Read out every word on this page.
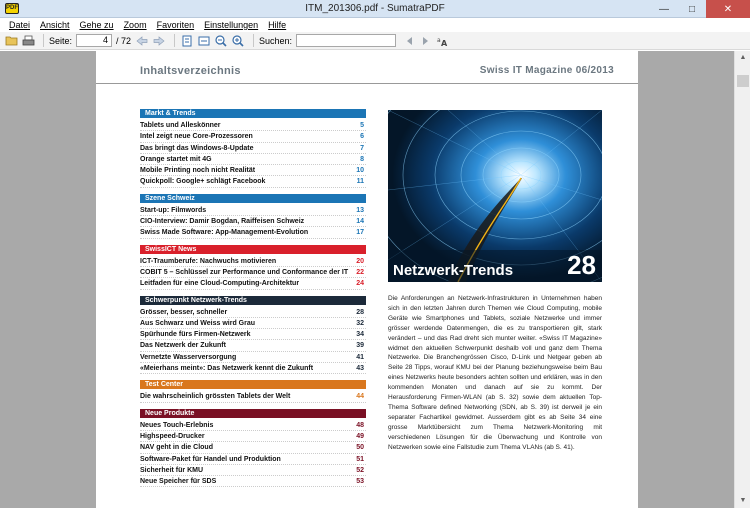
PDF	ITM_201306.pdf - SumatraPDF	—	□	✕
Datei	Ansicht	Gehe zu	Zoom	Favoriten	Einstellungen	Hilfe
Seite:	4 / 72	Suchen:	a A
Inhaltsverzeichnis	Swiss IT Magazine 06/2013
Markt & Trends
Tablets und Alleskönner	5
Intel zeigt neue Core-Prozessoren	6
Das bringt das Windows-8-Update	7
Orange startet mit 4G	8
Mobile Printing noch nicht Realität	10
Quickpoll: Google+ schlägt Facebook	11
Szene Schweiz
Start-up: Filmwords	13
CIO-Interview: Damir Bogdan, Raiffeisen Schweiz	14
Swiss Made Software: App-Management-Evolution	17
SwissICT News
ICT-Traumberufe: Nachwuchs motivieren	20
COBIT 5 – Schlüssel zur Performance und Conformance der IT 22
Leitfaden für eine Cloud-Computing-Architektur	24
Schwerpunkt Netzwerk-Trends
Grösser, besser, schneller	28
Aus Schwarz und Weiss wird Grau	32
Spürhunde fürs Firmen-Netzwerk	34
Das Netzwerk der Zukunft	39
Vernetzte Wasserversorgung	41
«Meierhans meint»: Das Netzwerk kennt die Zukunft	43
Test Center
Die wahrscheinlich grössten Tablets der Welt	44
Neue Produkte
Neues Touch-Erlebnis	48
Highspeed-Drucker	49
NAV geht in die Cloud	50
Software-Paket für Handel und Produktion	51
Sicherheit für KMU	52
Neue Speicher für SDS	53
Netzwerk-Trends 28
Die Anforderungen an Netzwerk-Infrastrukturen in Unternehmen haben sich in den letzten Jahren durch Themen wie Cloud Computing, mobile Geräte wie Smartphones und Tablets, soziale Netzwerke und immer grösser werdende Datenmengen, die es zu transportieren gilt, stark verändert – und das Rad dreht sich munter weiter. «Swiss IT Magazine» widmet den aktuellen Schwerpunkt deshalb voll und ganz dem Thema Netzwerke. Die Branchengrössen Cisco, D-Link und Netgear geben ab Seite 28 Tipps, worauf KMU bei der Planung beziehungsweise beim Bau eines Netzwerks heute besonders achten sollten und erklären, was in den kommenden Monaten und danach auf sie zu kommt. Der Herausforderung Firmen-WLAN (ab S. 32) sowie dem aktuellen Top-Thema Software defined Networking (SDN, ab S. 39) ist derweil je ein separater Fachartikel gewidmet. Ausserdem gibt es ab Seite 34 eine grosse Marktübersicht zum Thema Netzwerk-Monitoring mit verschiedenen Lösungen für die Überwachung und Kontrolle von Netzwerken sowie eine Fallstudie zum Thema VLANs (ab S. 41).
▲
▼
